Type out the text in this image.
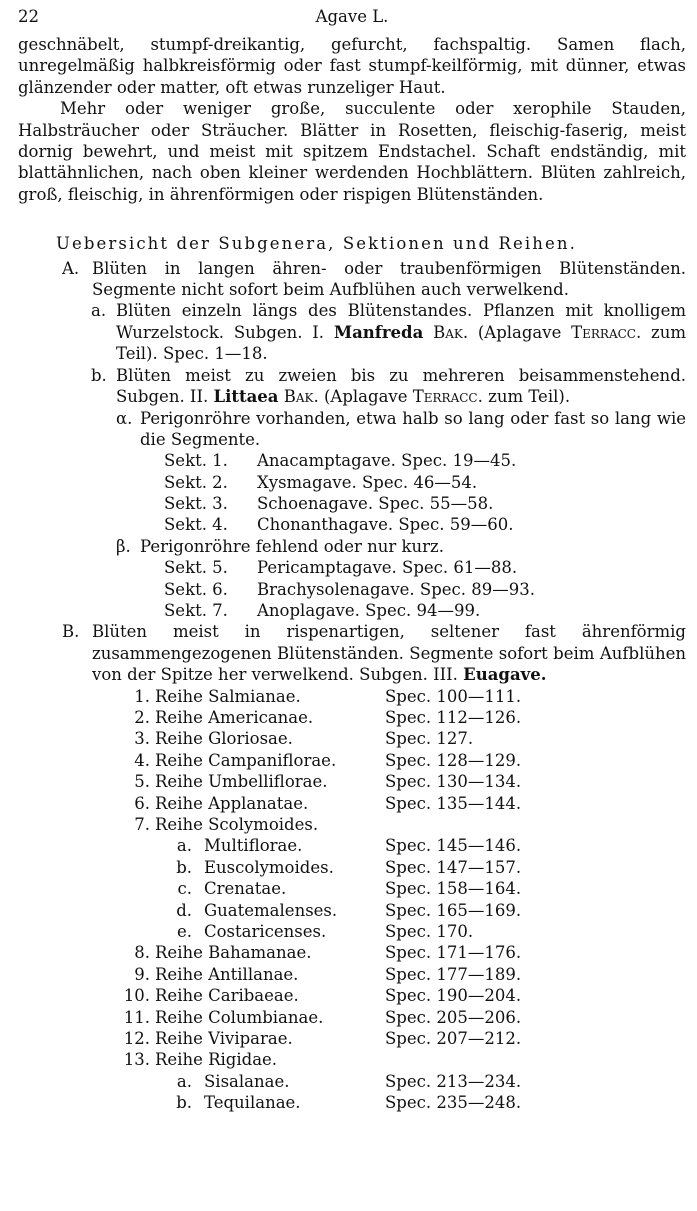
22	Agave L.

geschnäbelt, stumpf-dreikantig, gefurcht, fachspaltig. Samen flach, unregelmäßig halbkreisförmig oder fast stumpf-keilförmig, mit dünner, etwas glänzender oder matter, oft etwas runzeliger Haut.

Mehr oder weniger große, succulente oder xerophile Stauden, Halbsträucher oder Sträucher. Blätter in Rosetten, fleischig-faserig, meist dornig bewehrt, und meist mit spitzem Endstachel. Schaft endständig, mit blattähnlichen, nach oben kleiner werdenden Hochblättern. Blüten zahlreich, groß, fleischig, in ährenförmigen oder rispigen Blütenständen.

Uebersicht der Subgenera, Sektionen und Reihen.
A. Blüten in langen ähren- oder traubenförmigen Blütenständen. Segmente nicht sofort beim Aufblühen auch verwelkend.
a. Blüten einzeln längs des Blütenstandes. Pflanzen mit knolligem Wurzelstock. Subgen. I. Manfreda Bak. (Aplagave Terracc. zum Teil). Spec. 1—18.
b. Blüten meist zu zweien bis zu mehreren beisammenstehend. Subgen. II. Littaea Bak. (Aplagave Terracc. zum Teil).
α. Perigonröhre vorhanden, etwa halb so lang oder fast so lang wie die Segmente.
Sekt. 1. Anacamptagave. Spec. 19—45.
Sekt. 2. Xysmagave. Spec. 46—54.
Sekt. 3. Schoenagave. Spec. 55—58.
Sekt. 4. Chonanthagave. Spec. 59—60.
β. Perigonröhre fehlend oder nur kurz.
Sekt. 5. Pericamptagave. Spec. 61—88.
Sekt. 6. Brachysolenagave. Spec. 89—93.
Sekt. 7. Anoplagave. Spec. 94—99.
B. Blüten meist in rispenartigen, seltener fast ährenförmig zusammengezogenen Blütenständen. Segmente sofort beim Aufblühen von der Spitze her verwelkend. Subgen. III. Euagave.
1. Reihe Salmianae.	Spec. 100—111.
2. Reihe Americanae.	Spec. 112—126.
3. Reihe Gloriosae.	Spec. 127.
4. Reihe Campaniflorae.	Spec. 128—129.
5. Reihe Umbelliflorae.	Spec. 130—134.
6. Reihe Applanatae.	Spec. 135—144.
7. Reihe Scolymoides.
a. Multiflorae.	Spec. 145—146.
b. Euscolymoides.	Spec. 147—157.
c. Crenatae.	Spec. 158—164.
d. Guatemalenses.	Spec. 165—169.
e. Costaricenses.	Spec. 170.
8. Reihe Bahamanae.	Spec. 171—176.
9. Reihe Antillanae.	Spec. 177—189.
10. Reihe Caribaeae.	Spec. 190—204.
11. Reihe Columbianae.	Spec. 205—206.
12. Reihe Viviparae.	Spec. 207—212.
13. Reihe Rigidae.
a. Sisalanae.	Spec. 213—234.
b. Tequilanae.	Spec. 235—248.
